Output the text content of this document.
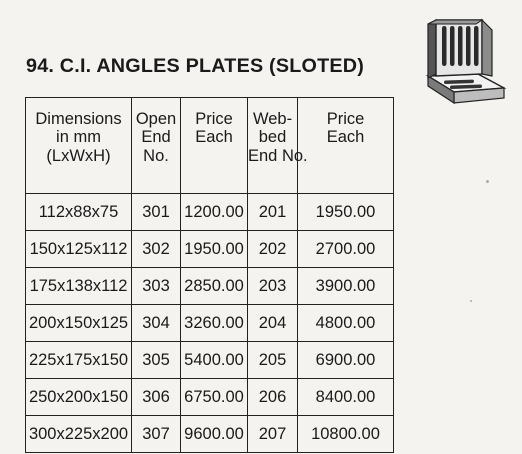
94. C.I. ANGLES PLATES (SLOTED)
Dimensions
in mm
(LxWxH)	Open
End
No.	Price
Each	Web-
bed
End No.	Price
Each

112x88x75	301	1200.00	201	1950.00
150x125x112	302	1950.00	202	2700.00
175x138x112	303	2850.00	203	3900.00
200x150x125	304	3260.00	204	4800.00
225x175x150	305	5400.00	205	6900.00
250x200x150	306	6750.00	206	8400.00
300x225x200	307	9600.00	207	10800.00
